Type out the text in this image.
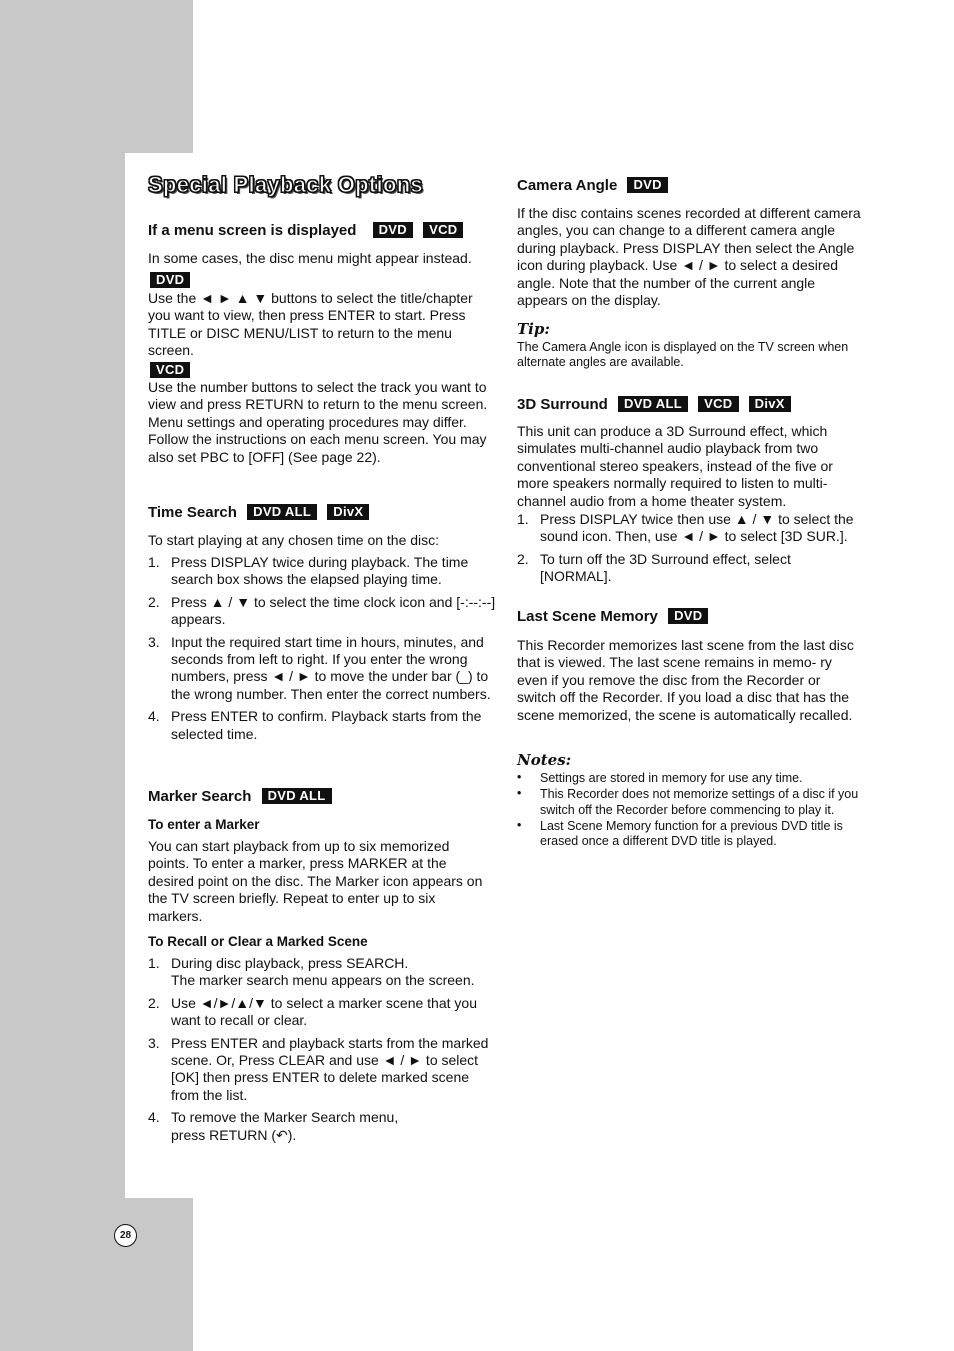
Special Playback Options
If a menu screen is displayed DVD VCD

In some cases, the disc menu might appear instead.

DVD

Use the ◄ ► ▲ ▼ buttons to select the title/chapter you want to view, then press ENTER to start. Press TITLE or DISC MENU/LIST to return to the menu screen.

VCD

Use the number buttons to select the track you want to view and press RETURN to return to the menu screen. Menu settings and operating procedures may differ. Follow the instructions on each menu screen. You may also set PBC to [OFF] (See page 22).

Time Search DVD ALL DivX

To start playing at any chosen time on the disc:

1. Press DISPLAY twice during playback. The time search box shows the elapsed playing time.
2. Press ▲ / ▼ to select the time clock icon and [-:--:--] appears.
3. Input the required start time in hours, minutes, and seconds from left to right. If you enter the wrong numbers, press ◄ / ► to move the under bar (_) to the wrong number. Then enter the correct numbers.
4. Press ENTER to confirm. Playback starts from the selected time.
Marker Search DVD ALL

To enter a Marker

You can start playback from up to six memorized points. To enter a marker, press MARKER at the desired point on the disc. The Marker icon appears on the TV screen briefly. Repeat to enter up to six markers.

To Recall or Clear a Marked Scene

1. During disc playback, press SEARCH.
The marker search menu appears on the screen.
2. Use ◄/►/▲/▼ to select a marker scene that you want to recall or clear.
3. Press ENTER and playback starts from the marked scene. Or, Press CLEAR and use ◄ / ► to select [OK] then press ENTER to delete marked scene from the list.
4. To remove the Marker Search menu,
press RETURN (↶).
Camera Angle DVD

If the disc contains scenes recorded at different camera angles, you can change to a different camera angle during playback. Press DISPLAY then select the Angle icon during playback. Use ◄ / ► to select a desired angle. Note that the number of the current angle appears on the display.

Tip:

The Camera Angle icon is displayed on the TV screen when alternate angles are available.

3D Surround DVD ALL VCD DivX

This unit can produce a 3D Surround effect, which simulates multi-channel audio playback from two conventional stereo speakers, instead of the five or more speakers normally required to listen to multi-channel audio from a home theater system.

1. Press DISPLAY twice then use ▲ / ▼ to select the sound icon. Then, use ◄ / ► to select [3D SUR.].
2. To turn off the 3D Surround effect, select [NORMAL].
Last Scene Memory DVD

This Recorder memorizes last scene from the last disc that is viewed. The last scene remains in memo- ry even if you remove the disc from the Recorder or switch off the Recorder. If you load a disc that has the scene memorized, the scene is automatically recalled.

Notes:

• Settings are stored in memory for use any time.
• This Recorder does not memorize settings of a disc if you switch off the Recorder before commencing to play it.
• Last Scene Memory function for a previous DVD title is erased once a different DVD title is played.
28
